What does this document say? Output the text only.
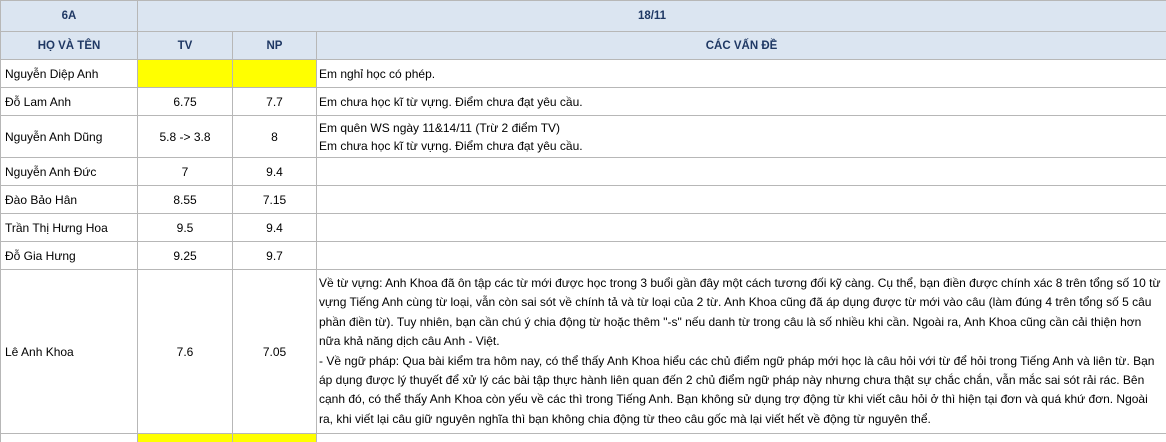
6A	18/11		
HỌ VÀ TÊN	TV	NP	CÁC VẤN ĐỀ
Nguyễn Diệp Anh			Em nghỉ học có phép.
Đỗ Lam Anh	6.75	7.7	Em chưa học kĩ từ vựng. Điểm chưa đạt yêu cầu.
Nguyễn Anh Dũng	5.8 -> 3.8	8	Em quên WS ngày 11&14/11 (Trừ 2 điểm TV)
Em chưa học kĩ từ vựng. Điểm chưa đạt yêu cầu.

Nguyễn Anh Đức	7	9.4	
Đào Bảo Hân	8.55	7.15	
Trần Thị Hưng Hoa	9.5	9.4	
Đỗ Gia Hưng	9.25	9.7	
Lê Anh Khoa	7.6	7.05	Về từ vựng: Anh Khoa đã ôn tập các từ mới được học trong 3 buổi gần đây một cách tương đối kỹ càng. Cụ thể, bạn điền được chính xác 8 trên tổng số 10 từ vựng Tiếng Anh cùng từ loại, vẫn còn sai sót về chính tả và từ loại của 2 từ. Anh Khoa cũng đã áp dụng được từ mới vào câu (làm đúng 4 trên tổng số 5 câu phần điền từ). Tuy nhiên, bạn cần chú ý chia động từ hoặc thêm "-s" nếu danh từ trong câu là số nhiều khi cần. Ngoài ra, Anh Khoa cũng cần cải thiện hơn nữa khả năng dịch câu Anh - Việt.
- Về ngữ pháp: Qua bài kiểm tra hôm nay, có thể thấy Anh Khoa hiểu các chủ điểm ngữ pháp mới học là câu hỏi với từ để hỏi trong Tiếng Anh và liên từ. Bạn áp dụng được lý thuyết để xử lý các bài tập thực hành liên quan đến 2 chủ điểm ngữ pháp này nhưng chưa thật sự chắc chắn, vẫn mắc sai sót rải rác. Bên cạnh đó, có thể thấy Anh Khoa còn yếu về các thì trong Tiếng Anh. Bạn không sử dụng trợ động từ khi viết câu hỏi ở thì hiện tại đơn và quá khứ đơn. Ngoài ra, khi viết lại câu giữ nguyên nghĩa thì bạn không chia động từ theo câu gốc mà lại viết hết về động từ nguyên thể.
